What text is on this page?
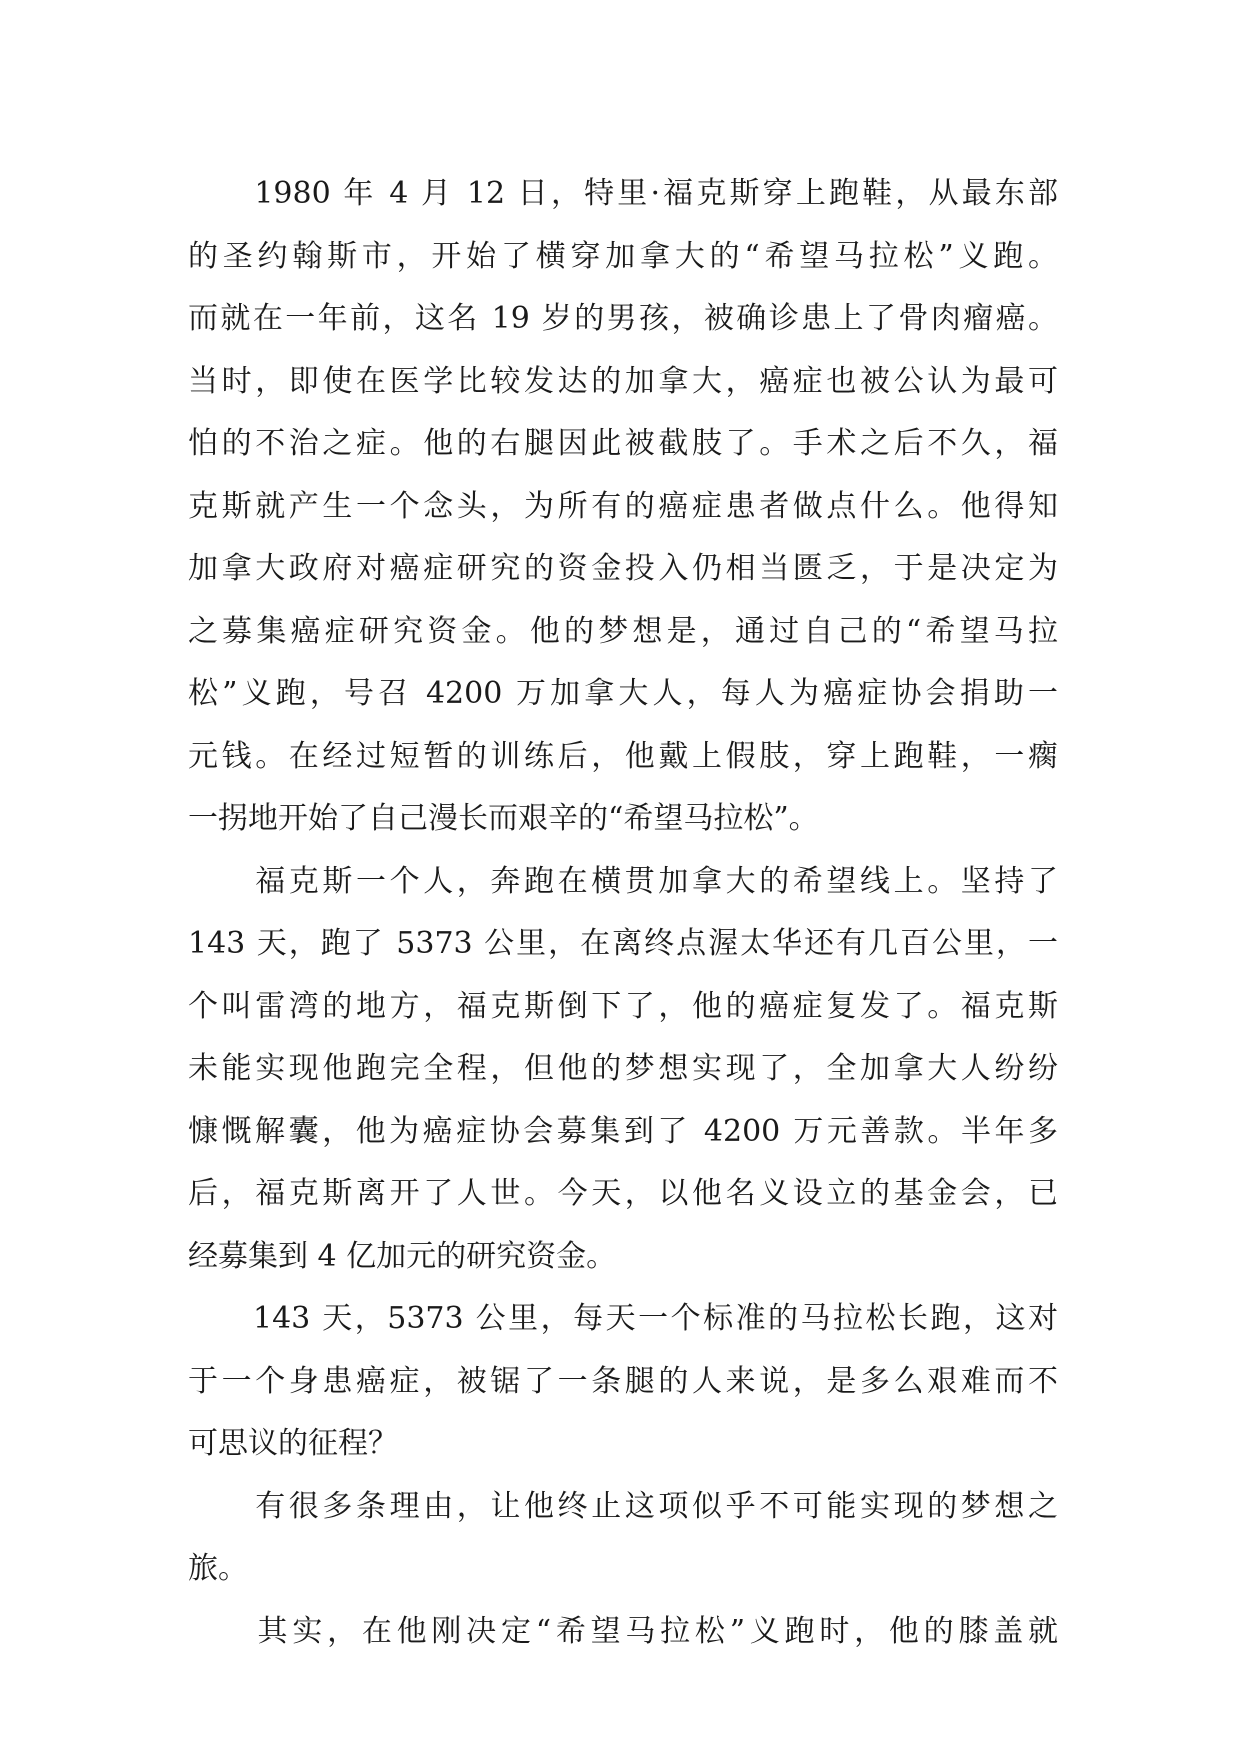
　　1980 年 4 月 12 日，特里·福克斯穿上跑鞋，从最东部
的圣约翰斯市，开始了横穿加拿大的“希望马拉松”义跑。
而就在一年前，这名 19 岁的男孩，被确诊患上了骨肉瘤癌。
当时，即使在医学比较发达的加拿大，癌症也被公认为最可
怕的不治之症。他的右腿因此被截肢了。手术之后不久，福
克斯就产生一个念头，为所有的癌症患者做点什么。他得知
加拿大政府对癌症研究的资金投入仍相当匮乏，于是决定为
之募集癌症研究资金。他的梦想是，通过自己的“希望马拉
松”义跑，号召 4200 万加拿大人，每人为癌症协会捐助一
元钱。在经过短暂的训练后，他戴上假肢，穿上跑鞋，一瘸
一拐地开始了自己漫长而艰辛的“希望马拉松”。
　　福克斯一个人，奔跑在横贯加拿大的希望线上。坚持了
143 天，跑了 5373 公里，在离终点渥太华还有几百公里，一
个叫雷湾的地方，福克斯倒下了，他的癌症复发了。福克斯
未能实现他跑完全程，但他的梦想实现了，全加拿大人纷纷
慷慨解囊，他为癌症协会募集到了 4200 万元善款。半年多
后，福克斯离开了人世。今天，以他名义设立的基金会，已
经募集到 4 亿加元的研究资金。
　　143 天，5373 公里，每天一个标准的马拉松长跑，这对
于一个身患癌症，被锯了一条腿的人来说，是多么艰难而不
可思议的征程？
　　有很多条理由，让他终止这项似乎不可能实现的梦想之
旅。
　　其实，在他刚决定“希望马拉松”义跑时，他的膝盖就
